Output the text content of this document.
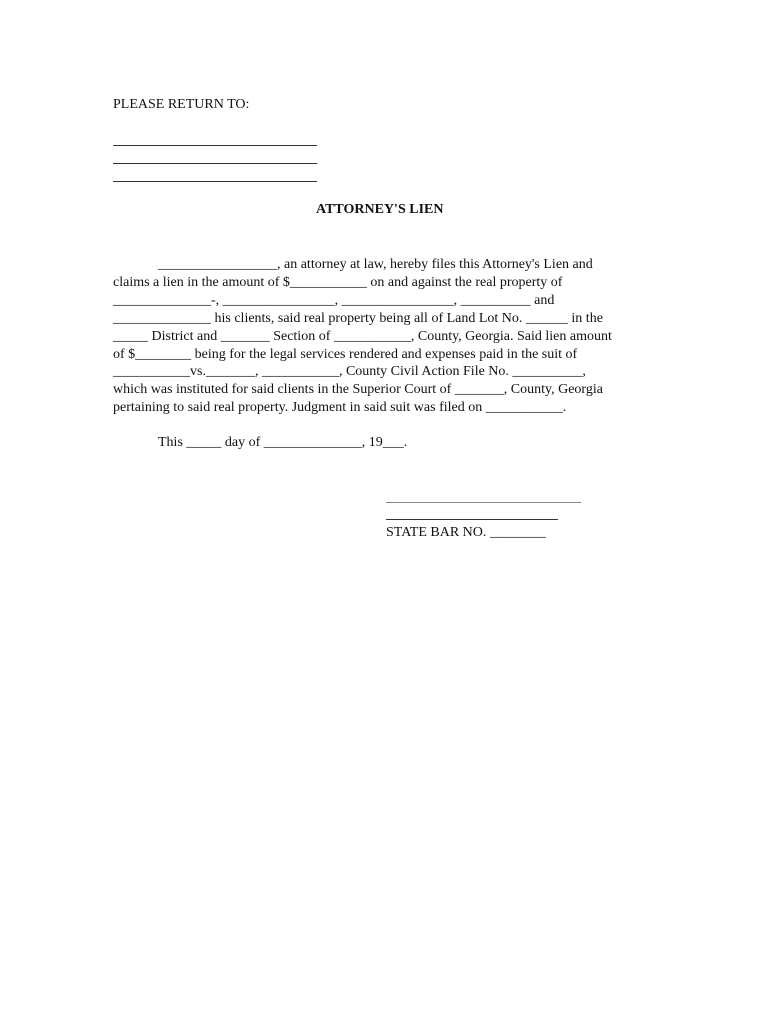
PLEASE RETURN TO:
ATTORNEY'S LIEN
_________________, an attorney at law, hereby files this Attorney's Lien and
claims a lien in the amount of $___________ on and against the real property of
______________-, ________________, ________________, __________ and
______________ his clients, said real property being all of Land Lot No. ______ in the
_____ District and _______ Section of ___________, County, Georgia. Said lien amount
of $________ being for the legal services rendered and expenses paid in the suit of
___________vs._______, ___________, County Civil Action File No. __________,
which was instituted for said clients in the Superior Court of _______, County, Georgia
pertaining to said real property. Judgment in said suit was filed on ___________.
This _____ day of ______________, 19___.
STATE BAR NO. ________
